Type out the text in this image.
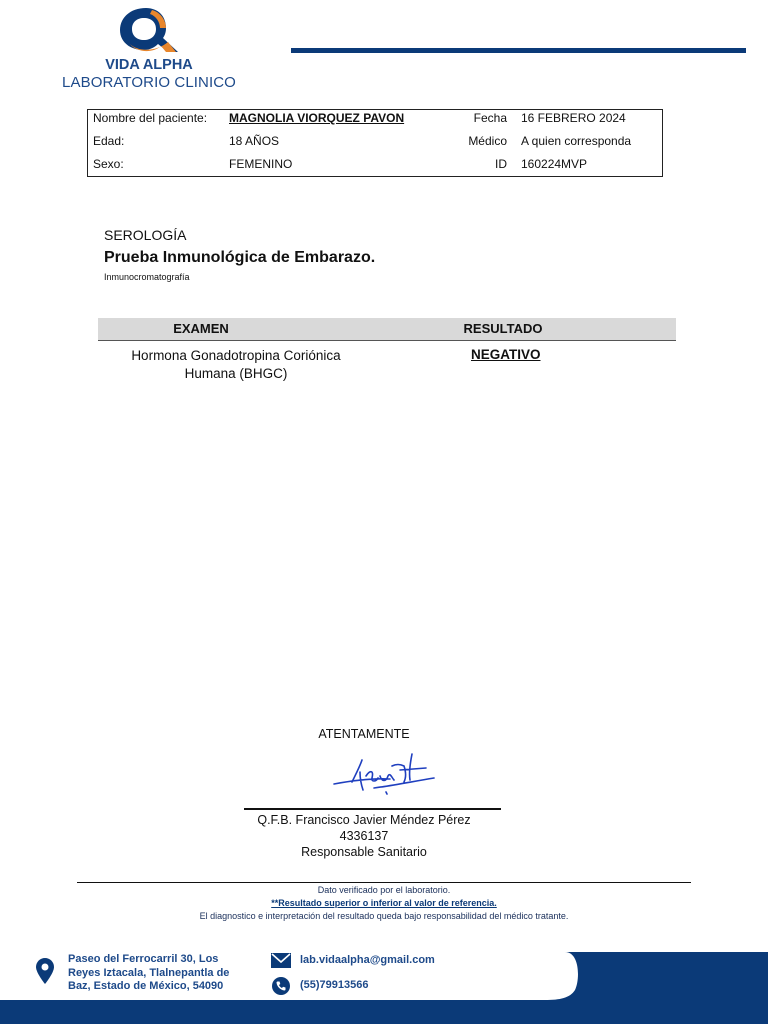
VIDA ALPHA
LABORATORIO CLINICO
Nombre del paciente: MAGNOLIA VIORQUEZ PAVON	Fecha 16 FEBRERO 2024
Edad:	18 AÑOS	Médico A quien corresponda
Sexo:	FEMENINO	ID 160224MVP
SEROLOGÍA
Prueba Inmunológica de Embarazo.
Inmunocromatografía
EXAMEN	RESULTADO
Hormona Gonadotropina Coriónica
Humana (BHGC)
NEGATIVO
ATENTAMENTE
Q.F.B. Francisco Javier Méndez Pérez
4336137
Responsable Sanitario
Dato verificado por el laboratorio.
**Resultado superior o inferior al valor de referencia.
El diagnostico e interpretación del resultado queda bajo responsabilidad del médico tratante.
Paseo del Ferrocarril 30, Los
Reyes Iztacala, Tlalnepantla de
Baz, Estado de México, 54090
lab.vidaalpha@gmail.com
(55)79913566
